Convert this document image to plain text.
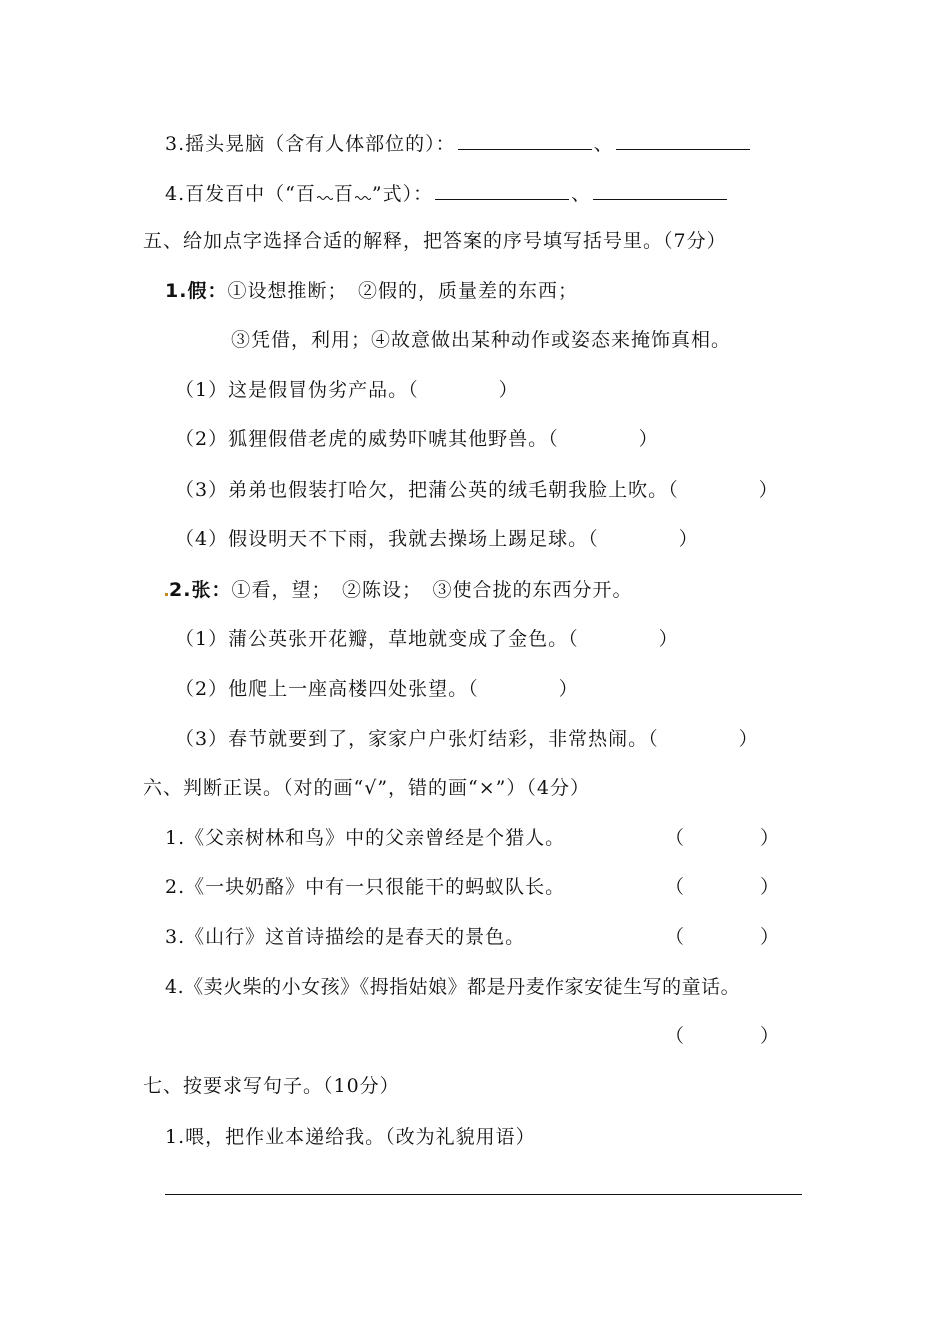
3.摇头晃脑（含有人体部位的）：	、
4.百发百中（“百 百 ”式）：	、
五、给加点字选择合适的解释，把答案的序号填写括号里。（7分）
1.假：①设想推断；　②假的，质量差的东西；
③凭借，利用；④故意做出某种动作或姿态来掩饰真相。
（1）这是假冒伪劣产品。（　　　　）
（2）狐狸假借老虎的威势吓唬其他野兽。（　　　　）
（3）弟弟也假装打哈欠，把蒲公英的绒毛朝我脸上吹。（　　　　）
（4）假设明天不下雨，我就去操场上踢足球。（　　　　）
2.张：①看，望；　②陈设；　③使合拢的东西分开。
（1）蒲公英张开花瓣，草地就变成了金色。（　　　　）
（2）他爬上一座高楼四处张望。（　　　　）
（3）春节就要到了，家家户户张灯结彩，非常热闹。（　　　　）
六、判断正误。（对的画“√”，错的画“×”）（4分）
1.《父亲树林和鸟》中的父亲曾经是个猎人。	（　　　　）
2.《一块奶酪》中有一只很能干的蚂蚁队长。	（　　　　）
3.《山行》这首诗描绘的是春天的景色。	（　　　　）
4.《卖火柴的小女孩》《拇指姑娘》都是丹麦作家安徒生写的童话。
（　　　　）
七、按要求写句子。（10分）
1.喂，把作业本递给我。（改为礼貌用语）
